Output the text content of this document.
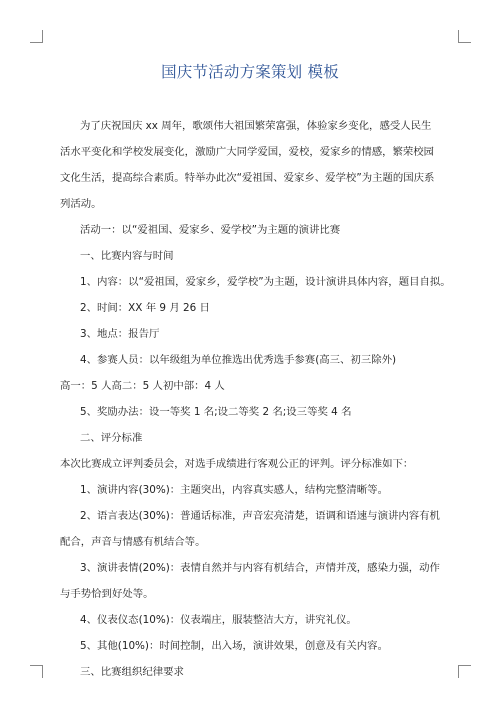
国庆节活动方案策划 模板

为了庆祝国庆 xx 周年，歌颂伟大祖国繁荣富强，体验家乡变化，感受人民生活水平变化和学校发展变化，激励广大同学爱国，爱校，爱家乡的情感，繁荣校园文化生活，提高综合素质。特举办此次“爱祖国、爱家乡、爱学校”为主题的国庆系列活动。

活动一：以“爱祖国、爱家乡、爱学校”为主题的演讲比赛

一、比赛内容与时间

1、内容：以“爱祖国，爱家乡，爱学校”为主题，设计演讲具体内容，题目自拟。

2、时间：XX 年 9 月 26 日

3、地点：报告厅

4、参赛人员：以年级组为单位推选出优秀选手参赛(高三、初三除外)

高一：5 人高二：5 人初中部：4 人

5、奖励办法：设一等奖 1 名;设二等奖 2 名;设三等奖 4 名

二、评分标准

本次比赛成立评判委员会，对选手成绩进行客观公正的评判。评分标准如下：

1、演讲内容(30%)：主题突出，内容真实感人，结构完整清晰等。

2、语言表达(30%)：普通话标准，声音宏亮清楚，语调和语速与演讲内容有机配合，声音与情感有机结合等。

3、演讲表情(20%)：表情自然并与内容有机结合，声情并茂，感染力强，动作与手势恰到好处等。

4、仪表仪态(10%)：仪表端庄，服装整洁大方，讲究礼仪。

5、其他(10%)：时间控制，出入场，演讲效果，创意及有关内容。

三、比赛组织纪律要求
